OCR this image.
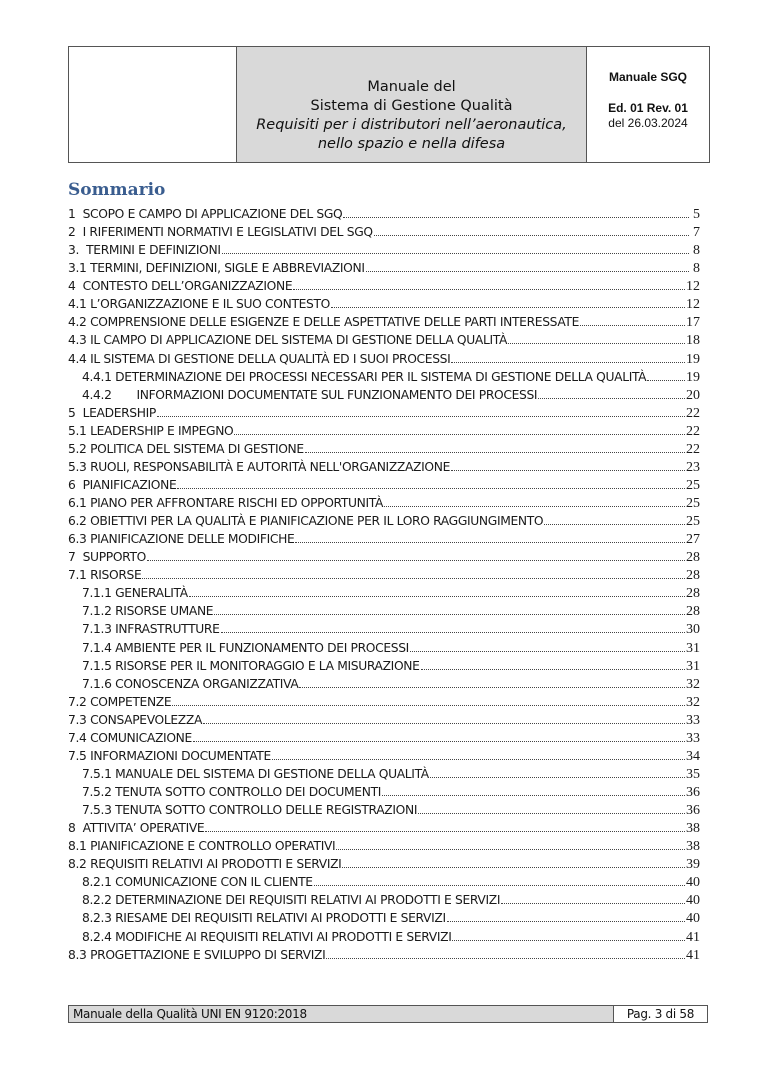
Manuale del
Sistema di Gestione Qualità
Requisiti per i distributori nell’aeronautica,
nello spazio e nella difesa
Manuale SGQ
Ed. 01 Rev. 01
del 26.03.2024
Sommario
1  SCOPO E CAMPO DI APPLICAZIONE DEL SGQ	5
2  I RIFERIMENTI NORMATIVI E LEGISLATIVI DEL SGQ	7
3.  TERMINI E DEFINIZIONI	8
3.1 TERMINI, DEFINIZIONI, SIGLE E ABBREVIAZIONI	8
4  CONTESTO DELL’ORGANIZZAZIONE	12
4.1 L’ORGANIZZAZIONE E IL SUO CONTESTO	12
4.2 COMPRENSIONE DELLE ESIGENZE E DELLE ASPETTATIVE DELLE PARTI INTERESSATE	17
4.3 IL CAMPO DI APPLICAZIONE DEL SISTEMA DI GESTIONE DELLA QUALITÀ	18
4.4 IL SISTEMA DI GESTIONE DELLA QUALITÀ ED I SUOI PROCESSI	19
4.4.1 DETERMINAZIONE DEI PROCESSI NECESSARI PER IL SISTEMA DI GESTIONE DELLA QUALITÀ	19
4.4.2       INFORMAZIONI DOCUMENTATE SUL FUNZIONAMENTO DEI PROCESSI	20
5  LEADERSHIP	22
5.1 LEADERSHIP E IMPEGNO	22
5.2 POLITICA DEL SISTEMA DI GESTIONE	22
5.3 RUOLI, RESPONSABILITÀ E AUTORITÀ NELL'ORGANIZZAZIONE	23
6  PIANIFICAZIONE	25
6.1 PIANO PER AFFRONTARE RISCHI ED OPPORTUNITÀ	25
6.2 OBIETTIVI PER LA QUALITÀ E PIANIFICAZIONE PER IL LORO RAGGIUNGIMENTO	25
6.3 PIANIFICAZIONE DELLE MODIFICHE	27
7  SUPPORTO	28
7.1 RISORSE	28
7.1.1 GENERALITÀ	28
7.1.2 RISORSE UMANE	28
7.1.3 INFRASTRUTTURE	30
7.1.4 AMBIENTE PER IL FUNZIONAMENTO DEI PROCESSI	31
7.1.5 RISORSE PER IL MONITORAGGIO E LA MISURAZIONE	31
7.1.6 CONOSCENZA ORGANIZZATIVA	32
7.2 COMPETENZE	32
7.3 CONSAPEVOLEZZA	33
7.4 COMUNICAZIONE	33
7.5 INFORMAZIONI DOCUMENTATE	34
7.5.1 MANUALE DEL SISTEMA DI GESTIONE DELLA QUALITÀ	35
7.5.2 TENUTA SOTTO CONTROLLO DEI DOCUMENTI	36
7.5.3 TENUTA SOTTO CONTROLLO DELLE REGISTRAZIONI	36
8  ATTIVITA’ OPERATIVE	38
8.1 PIANIFICAZIONE E CONTROLLO OPERATIVI	38
8.2 REQUISITI RELATIVI AI PRODOTTI E SERVIZI	39
8.2.1 COMUNICAZIONE CON IL CLIENTE	40
8.2.2 DETERMINAZIONE DEI REQUISITI RELATIVI AI PRODOTTI E SERVIZI	40
8.2.3 RIESAME DEI REQUISITI RELATIVI AI PRODOTTI E SERVIZI	40
8.2.4 MODIFICHE AI REQUISITI RELATIVI AI PRODOTTI E SERVIZI	41
8.3 PROGETTAZIONE E SVILUPPO DI SERVIZI	41
Manuale della Qualità UNI EN 9120:2018	Pag. 3 di 58
